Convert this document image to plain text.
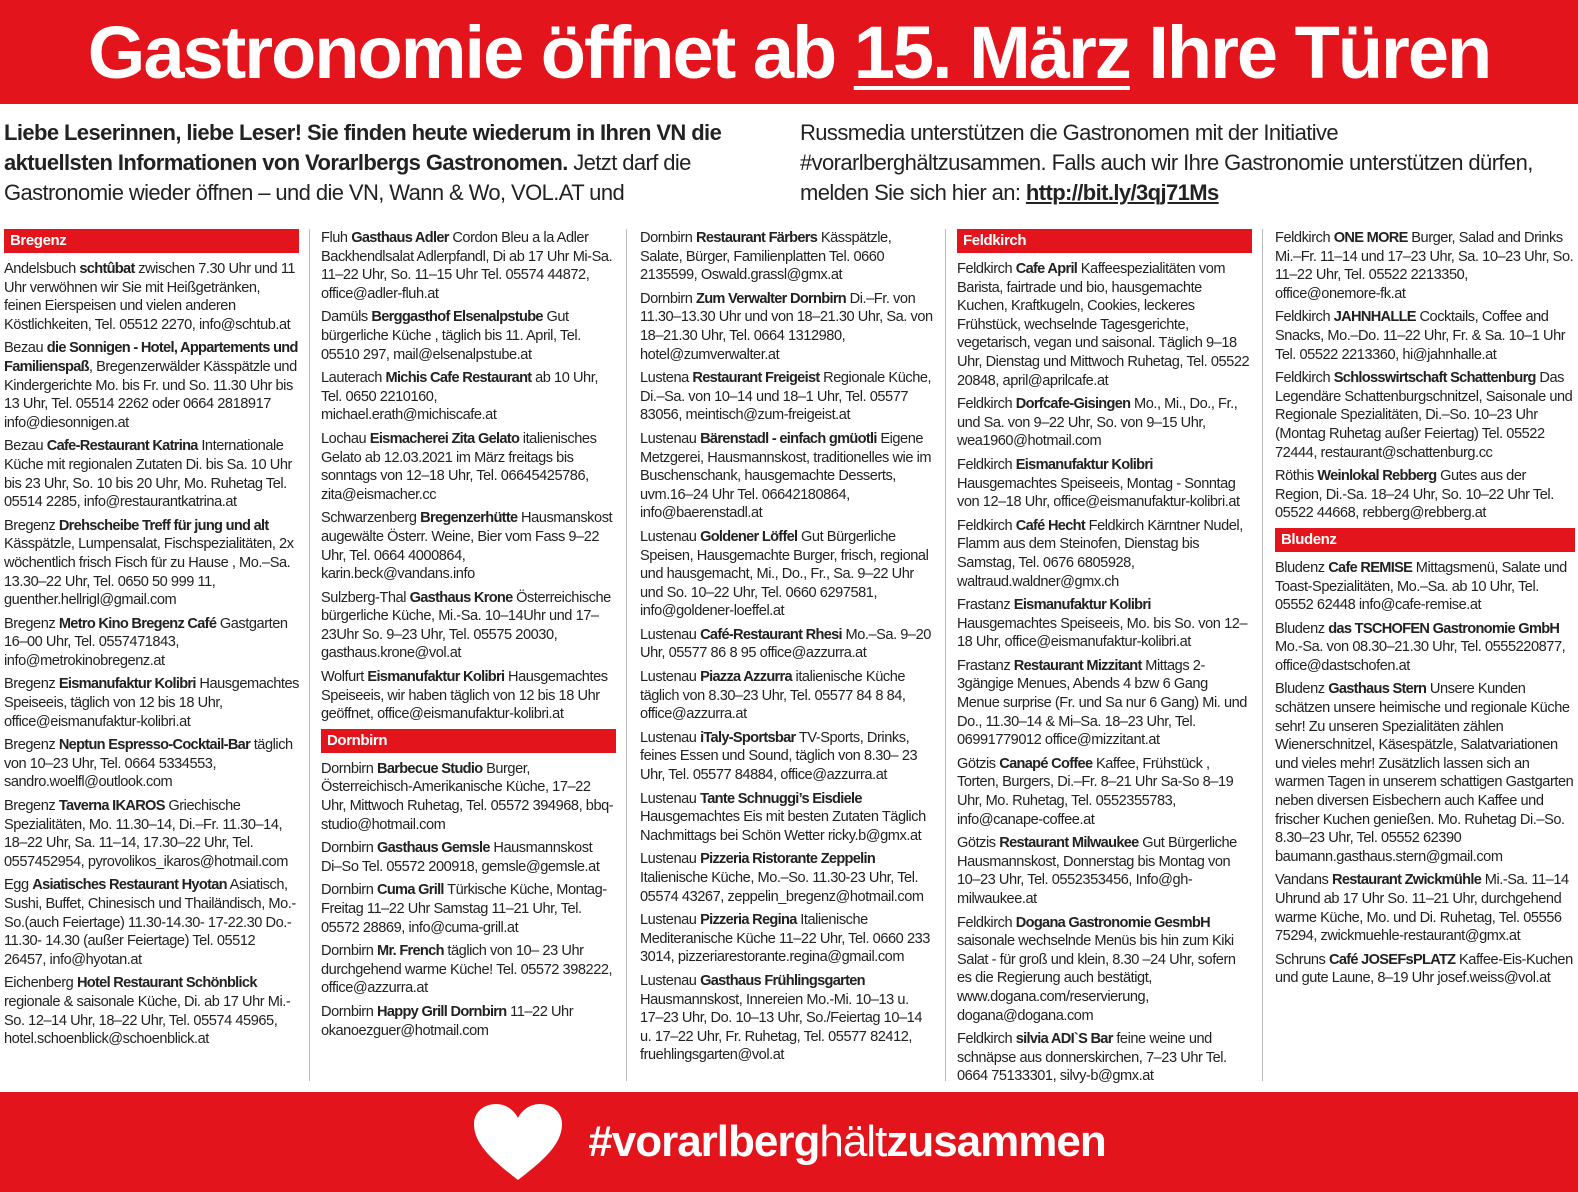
Gastronomie öffnet ab 15. März Ihre Türen

Liebe Leserinnen, liebe Leser! Sie finden heute wiederum in Ihren VN die aktuellsten Informationen von Vorarlbergs Gastronomen. Jetzt darf die Gastronomie wieder öffnen – und die VN, Wann & Wo, VOL.AT und

Russmedia unterstützen die Gastronomen mit der Initiative #vorarlberghältzusammen. Falls auch wir Ihre Gastronomie unterstützen dürfen, melden Sie sich hier an: http://bit.ly/3qj71Ms

Bregenz

Andelsbuch schtûbat zwischen 7.30 Uhr und 11 Uhr verwöhnen wir Sie mit Heißgetränken, feinen Eierspeisen und vielen anderen Köstlichkeiten, Tel. 05512 2270, info@schtub.at

Bezau die Sonnigen - Hotel, Appartements und Familienspaß, Bregenzerwälder Kässpätzle und Kindergerichte Mo. bis Fr. und So. 11.30 Uhr bis 13 Uhr, Tel. 05514 2262 oder 0664 2818917 info@diesonnigen.at

Bezau Cafe-Restaurant Katrina Internationale Küche mit regionalen Zutaten Di. bis Sa. 10 Uhr bis 23 Uhr, So. 10 bis 20 Uhr, Mo. Ruhetag Tel. 05514 2285, info@restaurantkatrina.at

Bregenz Drehscheibe Treff für jung und alt Kässpätzle, Lumpensalat, Fischspezialitäten, 2x wöchentlich frisch Fisch für zu Hause , Mo.–Sa. 13.30–22 Uhr, Tel. 0650 50 999 11, guenther.hellrigl@gmail.com

Bregenz Metro Kino Bregenz Café Gastgarten 16–00 Uhr, Tel. 0557471843, info@metrokinobregenz.at

Bregenz Eismanufaktur Kolibri Hausgemachtes Speiseeis, täglich von 12 bis 18 Uhr, office@eismanufaktur-kolibri.at

Bregenz Neptun Espresso-Cocktail-Bar täglich von 10–23 Uhr, Tel. 0664 5334553, sandro.woelfl@outlook.com

Bregenz Taverna IKAROS Griechische Spezialitäten, Mo. 11.30–14, Di.–Fr. 11.30–14, 18–22 Uhr, Sa. 11–14, 17.30–22 Uhr, Tel. 0557452954, pyrovolikos_ikaros@hotmail.com

Egg Asiatisches Restaurant Hyotan Asiatisch, Sushi, Buffet, Chinesisch und Thailändisch, Mo.-So.(auch Feiertage) 11.30-14.30- 17-22.30 Do.- 11.30- 14.30 (außer Feiertage) Tel. 05512 26457, info@hyotan.at

Eichenberg Hotel Restaurant Schönblick regionale & saisonale Küche, Di. ab 17 Uhr Mi.-So. 12–14 Uhr, 18–22 Uhr, Tel. 05574 45965, hotel.schoenblick@schoenblick.at

Fluh Gasthaus Adler Cordon Bleu a la Adler Backhendlsalat Adlerpfandl, Di ab 17 Uhr Mi-Sa. 11–22 Uhr, So. 11–15 Uhr Tel. 05574 44872, office@adler-fluh.at

Damüls Berggasthof Elsenalpstube Gut bürgerliche Küche , täglich bis 11. April, Tel. 05510 297, mail@elsenalpstube.at

Lauterach Michis Cafe Restaurant ab 10 Uhr, Tel. 0650 2210160, michael.erath@michiscafe.at

Lochau Eismacherei Zita Gelato italienisches Gelato ab 12.03.2021 im März freitags bis sonntags von 12–18 Uhr, Tel. 06645425786, zita@eismacher.cc

Schwarzenberg Bregenzerhütte Hausmanskost augewälte Österr. Weine, Bier vom Fass 9–22 Uhr, Tel. 0664 4000864, karin.beck@vandans.info

Sulzberg-Thal Gasthaus Krone Österreichische bürgerliche Küche, Mi.-Sa. 10–14Uhr und 17–23Uhr So. 9–23 Uhr, Tel. 05575 20030, gasthaus.krone@vol.at

Wolfurt Eismanufaktur Kolibri Hausgemachtes Speiseeis, wir haben täglich von 12 bis 18 Uhr geöffnet, office@eismanufaktur-kolibri.at

Dornbirn

Dornbirn Barbecue Studio Burger, Österreichisch-Amerikanische Küche, 17–22 Uhr, Mittwoch Ruhetag, Tel. 05572 394968, bbq-studio@hotmail.com

Dornbirn Gasthaus Gemsle Hausmannskost Di–So Tel. 05572 200918, gemsle@gemsle.at

Dornbirn Cuma Grill Türkische Küche, Montag-Freitag 11–22 Uhr Samstag 11–21 Uhr, Tel. 05572 28869, info@cuma-grill.at

Dornbirn Mr. French täglich von 10– 23 Uhr durchgehend warme Küche! Tel. 05572 398222, office@azzurra.at

Dornbirn Happy Grill Dornbirn 11–22 Uhr okanoezguer@hotmail.com

Dornbirn Restaurant Färbers Kässpätzle, Salate, Bürger, Familienplatten Tel. 0660 2135599, Oswald.grassl@gmx.at

Dornbirn Zum Verwalter Dornbirn Di.–Fr. von 11.30–13.30 Uhr und von 18–21.30 Uhr, Sa. von 18–21.30 Uhr, Tel. 0664 1312980, hotel@zumverwalter.at

Lustena Restaurant Freigeist Regionale Küche, Di.–Sa. von 10–14 und 18–1 Uhr, Tel. 05577 83056, meintisch@zum-freigeist.at

Lustenau Bärenstadl - einfach gmüotli Eigene Metzgerei, Hausmannskost, traditionelles wie im Buschenschank, hausgemachte Desserts, uvm.16–24 Uhr Tel. 06642180864, info@baerenstadl.at

Lustenau Goldener Löffel Gut Bürgerliche Speisen, Hausgemachte Burger, frisch, regional und hausgemacht, Mi., Do., Fr., Sa. 9–22 Uhr und So. 10–22 Uhr, Tel. 0660 6297581, info@goldener-loeffel.at

Lustenau Café-Restaurant Rhesi Mo.–Sa. 9–20 Uhr, 05577 86 8 95 office@azzurra.at

Lustenau Piazza Azzurra italienische Küche täglich von 8.30–23 Uhr, Tel. 05577 84 8 84, office@azzurra.at

Lustenau iTaly-Sportsbar TV-Sports, Drinks, feines Essen und Sound, täglich von 8.30– 23 Uhr, Tel. 05577 84884, office@azzurra.at

Lustenau Tante Schnuggi’s Eisdiele Hausgemachtes Eis mit besten Zutaten Täglich Nachmittags bei Schön Wetter ricky.b@gmx.at

Lustenau Pizzeria Ristorante Zeppelin Italienische Küche, Mo.–So. 11.30-23 Uhr, Tel. 05574 43267, zeppelin_bregenz@hotmail.com

Lustenau Pizzeria Regina Italienische Mediteranische Küche 11–22 Uhr, Tel. 0660 233 3014, pizzeriarestorante.regina@gmail.com

Lustenau Gasthaus Frühlingsgarten Hausmannskost, Innereien Mo.-Mi. 10–13 u. 17–23 Uhr, Do. 10–13 Uhr, So./Feiertag 10–14 u. 17–22 Uhr, Fr. Ruhetag, Tel. 05577 82412, fruehlingsgarten@vol.at

Feldkirch

Feldkirch Cafe April Kaffeespezialitäten vom Barista, fairtrade und bio, hausgemachte Kuchen, Kraftkugeln, Cookies, leckeres Frühstück, wechselnde Tagesgerichte, vegetarisch, vegan und saisonal. Täglich 9–18 Uhr, Dienstag und Mittwoch Ruhetag, Tel. 05522 20848, april@aprilcafe.at

Feldkirch Dorfcafe-Gisingen Mo., Mi., Do., Fr., und Sa. von 9–22 Uhr, So. von 9–15 Uhr, wea1960@hotmail.com

Feldkirch Eismanufaktur Kolibri Hausgemachtes Speiseeis, Montag - Sonntag von 12–18 Uhr, office@eismanufaktur-kolibri.at

Feldkirch Café Hecht Feldkirch Kärntner Nudel, Flamm aus dem Steinofen, Dienstag bis Samstag, Tel. 0676 6805928, waltraud.waldner@gmx.ch

Frastanz Eismanufaktur Kolibri Hausgemachtes Speiseeis, Mo. bis So. von 12–18 Uhr, office@eismanufaktur-kolibri.at

Frastanz Restaurant Mizzitant Mittags 2-3gängige Menues, Abends 4 bzw 6 Gang Menue surprise (Fr. und Sa nur 6 Gang) Mi. und Do., 11.30–14 & Mi–Sa. 18–23 Uhr, Tel. 06991779012 office@mizzitant.at

Götzis Canapé Coffee Kaffee, Frühstück , Torten, Burgers, Di.–Fr. 8–21 Uhr Sa-So 8–19 Uhr, Mo. Ruhetag, Tel. 0552355783, info@canape-coffee.at

Götzis Restaurant Milwaukee Gut Bürgerliche Hausmannskost, Donnerstag bis Montag von 10–23 Uhr, Tel. 0552353456, Info@gh-milwaukee.at

Feldkirch Dogana Gastronomie GesmbH saisonale wechselnde Menüs bis hin zum Kiki Salat - für groß und klein, 8.30 –24 Uhr, sofern es die Regierung auch bestätigt, www.dogana.com/reservierung, dogana@dogana.com

Feldkirch silvia ADI`S Bar feine weine und schnäpse aus donnerskirchen, 7–23 Uhr Tel. 0664 75133301, silvy-b@gmx.at

Feldkirch ONE MORE Burger, Salad and Drinks Mi.–Fr. 11–14 und 17–23 Uhr, Sa. 10–23 Uhr, So. 11–22 Uhr, Tel. 05522 2213350, office@onemore-fk.at

Feldkirch JAHNHALLE Cocktails, Coffee and Snacks, Mo.–Do. 11–22 Uhr, Fr. & Sa. 10–1 Uhr Tel. 05522 2213360, hi@jahnhalle.at

Feldkirch Schlosswirtschaft Schattenburg Das Legendäre Schattenburgschnitzel, Saisonale und Regionale Spezialitäten, Di.–So. 10–23 Uhr (Montag Ruhetag außer Feiertag) Tel. 05522 72444, restaurant@schattenburg.cc

Röthis Weinlokal Rebberg Gutes aus der Region, Di.-Sa. 18–24 Uhr, So. 10–22 Uhr Tel. 05522 44668, rebberg@rebberg.at

Bludenz

Bludenz Cafe REMISE Mittagsmenü, Salate und Toast-Spezialitäten, Mo.–Sa. ab 10 Uhr, Tel. 05552 62448 info@cafe-remise.at

Bludenz das TSCHOFEN Gastronomie GmbH Mo.-Sa. von 08.30–21.30 Uhr, Tel. 0555220877, office@dastschofen.at

Bludenz Gasthaus Stern Unsere Kunden schätzen unsere heimische und regionale Küche sehr! Zu unseren Spezialitäten zählen Wienerschnitzel, Käsespätzle, Salatvariationen und vieles mehr! Zusätzlich lassen sich an warmen Tagen in unserem schattigen Gastgarten neben diversen Eisbechern auch Kaffee und frischer Kuchen genießen. Mo. Ruhetag Di.–So. 8.30–23 Uhr, Tel. 05552 62390 baumann.gasthaus.stern@gmail.com

Vandans Restaurant Zwickmühle Mi.-Sa. 11–14 Uhrund ab 17 Uhr So. 11–21 Uhr, durchgehend warme Küche, Mo. und Di. Ruhetag, Tel. 05556 75294, zwickmuehle-restaurant@gmx.at

Schruns Café JOSEFsPLATZ Kaffee-Eis-Kuchen und gute Laune, 8–19 Uhr josef.weiss@vol.at

#vorarlberghältzusammen
